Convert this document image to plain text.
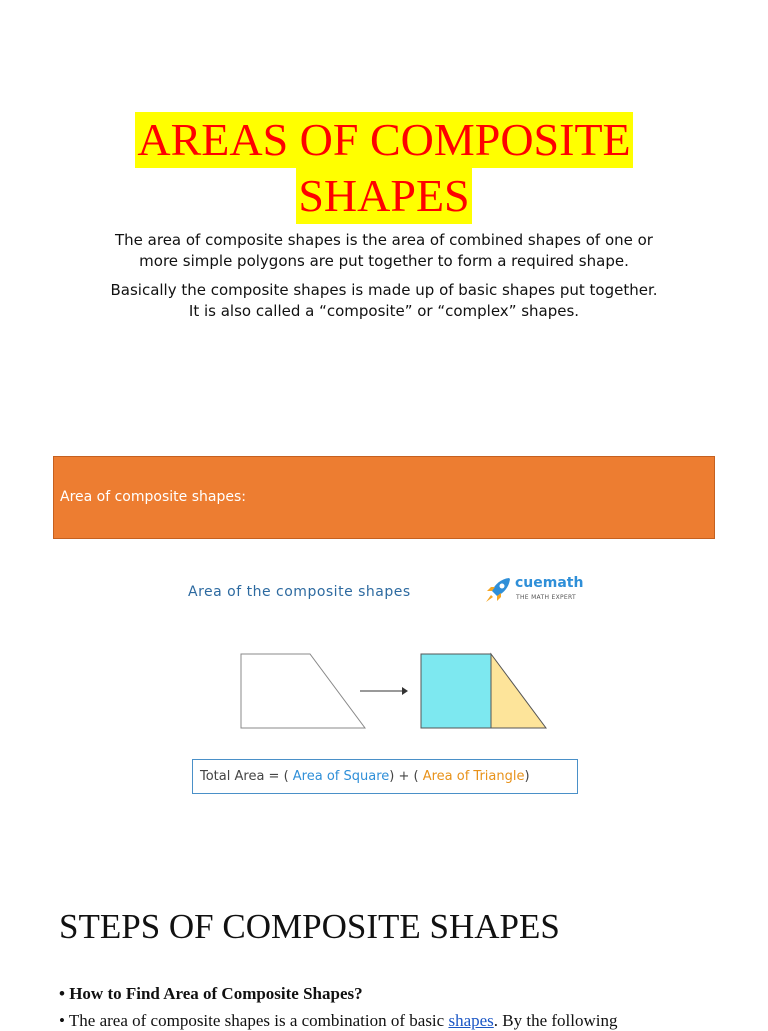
AREAS OF COMPOSITE
SHAPES
The area of composite shapes is the area of combined shapes of one or
more simple polygons are put together to form a required shape.
Basically the composite shapes is made up of basic shapes put together.
It is also called a “composite” or “complex” shapes.
Area of composite shapes:
Area of the composite shapes
cuemath
THE MATH EXPERT
Total Area = ( Area of Square) + ( Area of Triangle)
STEPS OF COMPOSITE SHAPES
• How to Find Area of Composite Shapes?
• The area of composite shapes is a combination of basic shapes. By the following
